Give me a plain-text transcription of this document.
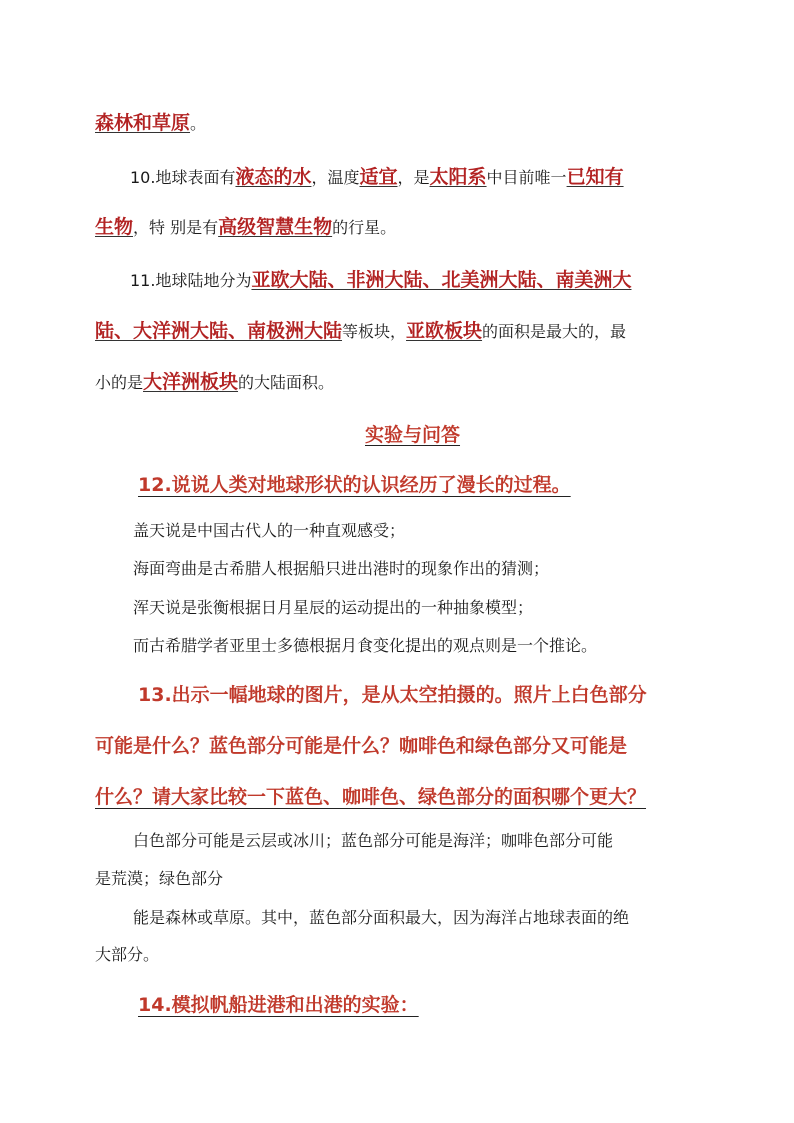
森林和草原。
10.地球表面有液态的水，温度适宜，是太阳系中目前唯一已知有
生物，特 别是有高级智慧生物的行星。
11.地球陆地分为亚欧大陆、非洲大陆、北美洲大陆、南美洲大
陆、大洋洲大陆、南极洲大陆等板块，亚欧板块的面积是最大的，最
小的是大洋洲板块的大陆面积。
实验与问答
12.说说人类对地球形状的认识经历了漫长的过程。
盖天说是中国古代人的一种直观感受；
海面弯曲是古希腊人根据船只进出港时的现象作出的猜测；
浑天说是张衡根据日月星辰的运动提出的一种抽象模型；
而古希腊学者亚里士多德根据月食变化提出的观点则是一个推论。
13.出示一幅地球的图片，是从太空拍摄的。照片上白色部分
可能是什么？蓝色部分可能是什么？咖啡色和绿色部分又可能是
什么？请大家比较一下蓝色、咖啡色、绿色部分的面积哪个更大？
白色部分可能是云层或冰川；蓝色部分可能是海洋；咖啡色部分可能
是荒漠；绿色部分
能是森林或草原。其中，蓝色部分面积最大，因为海洋占地球表面的绝
大部分。
14.模拟帆船进港和出港的实验：
